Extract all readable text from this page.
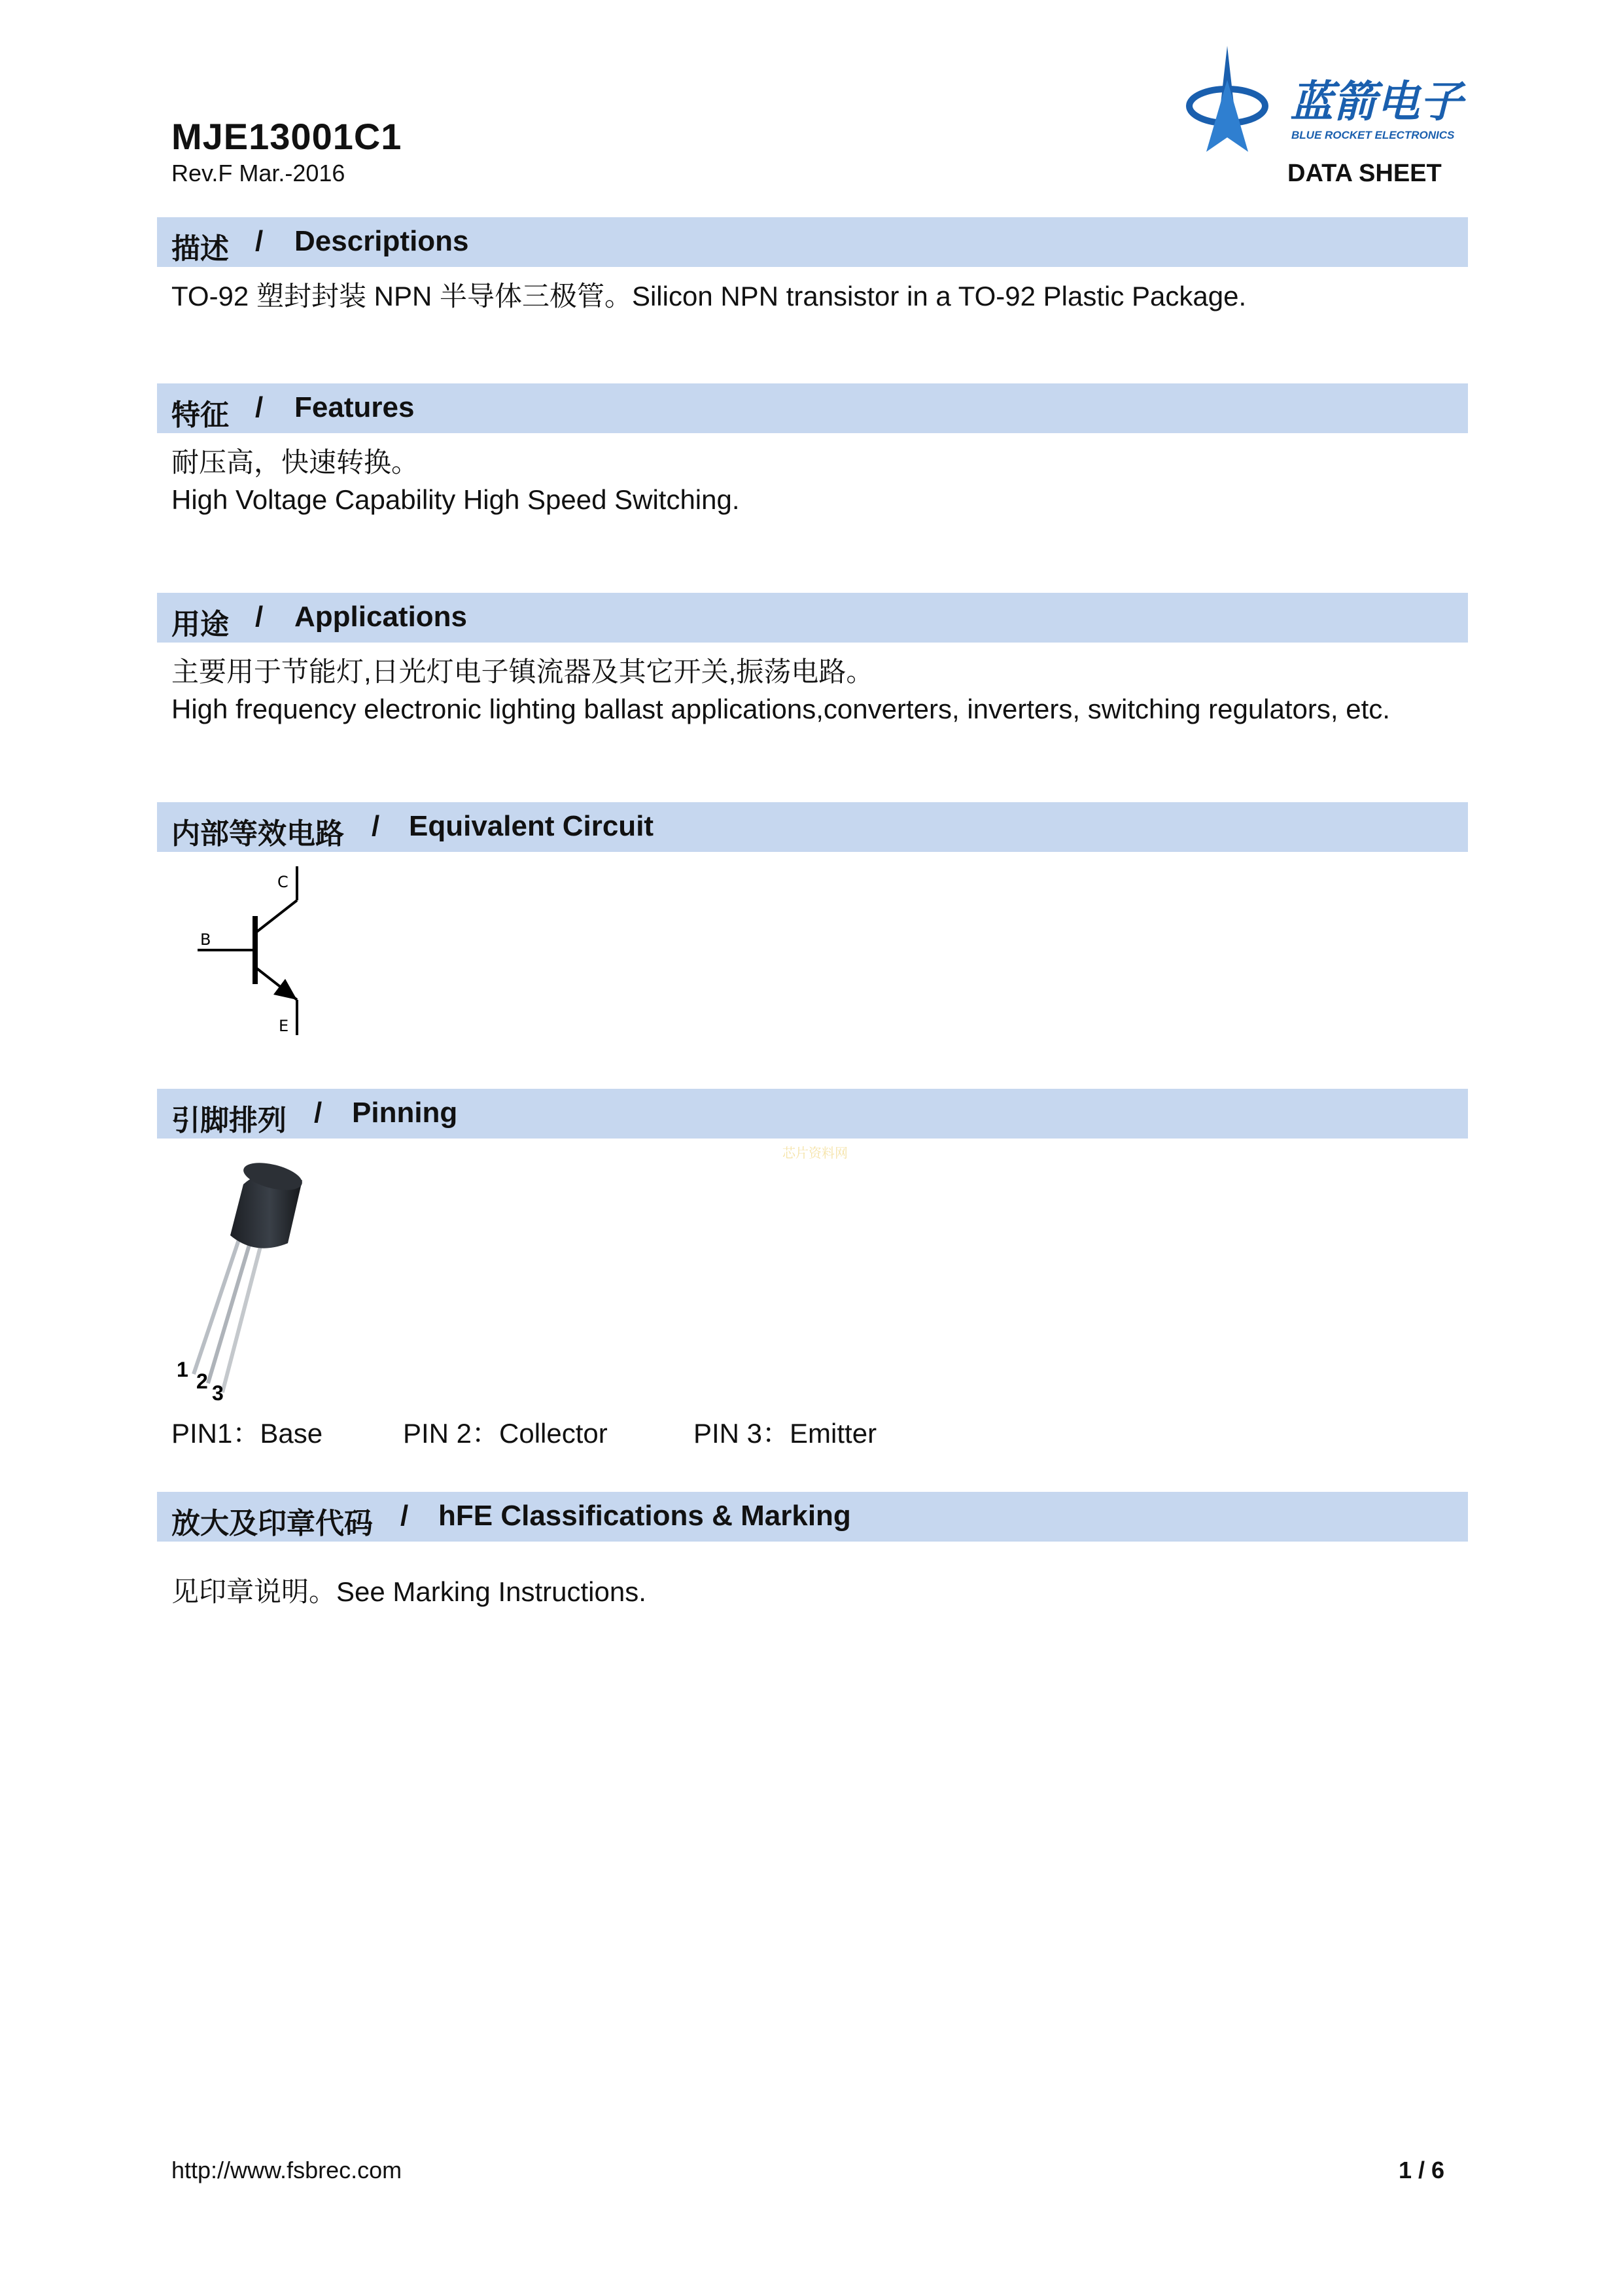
MJE13001C1
Rev.F Mar.-2016
蓝箭电子
BLUE ROCKET ELECTRONICS
DATA SHEET
描述 / Descriptions
TO-92 塑封封装 NPN 半导体三极管。Silicon NPN transistor in a TO-92 Plastic Package.
特征 / Features
耐压高，快速转换。
High Voltage Capability High Speed Switching.
用途 / Applications
主要用于节能灯,日光灯电子镇流器及其它开关,振荡电路。
High frequency electronic lighting ballast applications,converters, inverters, switching regulators, etc.
内部等效电路 / Equivalent Circuit
C
B
E
引脚排列 / Pinning
芯片资料网
1 2 3
PIN1：Base	PIN 2：Collector	PIN 3：Emitter
放大及印章代码 / hFE Classifications & Marking
见印章说明。See Marking Instructions.
http://www.fsbrec.com	1 / 6
